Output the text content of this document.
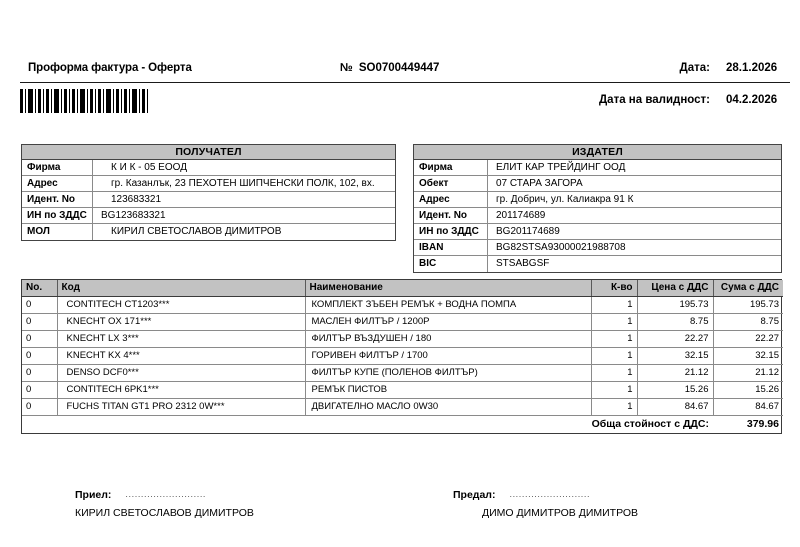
Проформа фактура - Оферта	№ SO0700449447	Дата: 28.1.2026
Дата на валидност: 04.2.2026
ПОЛУЧАТЕЛ
Фирма	К И К - 05 ЕООД
Адрес	гр. Казанлък, 23 ПЕХОТЕН ШИПЧЕНСКИ ПОЛК, 102, вх.
Идент. No	123683321
ИН по ЗДДС	BG123683321
МОЛ	КИРИЛ СВЕТОСЛАВОВ ДИМИТРОВ
ИЗДАТЕЛ
Фирма	ЕЛИТ КАР ТРЕЙДИНГ ООД
Обект	07 СТАРА ЗАГОРА
Адрес	гр. Добрич, ул. Калиакра 91 К
Идент. No	201174689
ИН по ЗДДС	BG201174689
IBAN	BG82STSA93000021988708
BIC	STSABGSF
No.	Код	Наименование	К-во	Цена с ДДС	Сума с ДДС
0	CONTITECH CT1203***	КОМПЛЕКТ ЗЪБЕН РЕМЪК + ВОДНА ПОМПА	1	195.73	195.73
0	KNECHT OX 171***	МАСЛЕН ФИЛТЪР / 1200Р	1	8.75	8.75
0	KNECHT LX 3***	ФИЛТЪР ВЪЗДУШЕН / 180	1	22.27	22.27
0	KNECHT KX 4***	ГОРИВЕН ФИЛТЪР / 1700	1	32.15	32.15
0	DENSO DCF0***	ФИЛТЪР КУПЕ (ПОЛЕНОВ ФИЛТЪР)	1	21.12	21.12
0	CONTITECH 6PK1***	РЕМЪК ПИСТОВ	1	15.26	15.26
0	FUCHS TITAN GT1 PRO 2312 0W***	ДВИГАТЕЛНО МАСЛО 0W30	1	84.67	84.67
Обща стойност с ДДС:					379.96
Приел: ..........................
КИРИЛ СВЕТОСЛАВОВ ДИМИТРОВ
Предал: ..........................
ДИМО ДИМИТРОВ ДИМИТРОВ
